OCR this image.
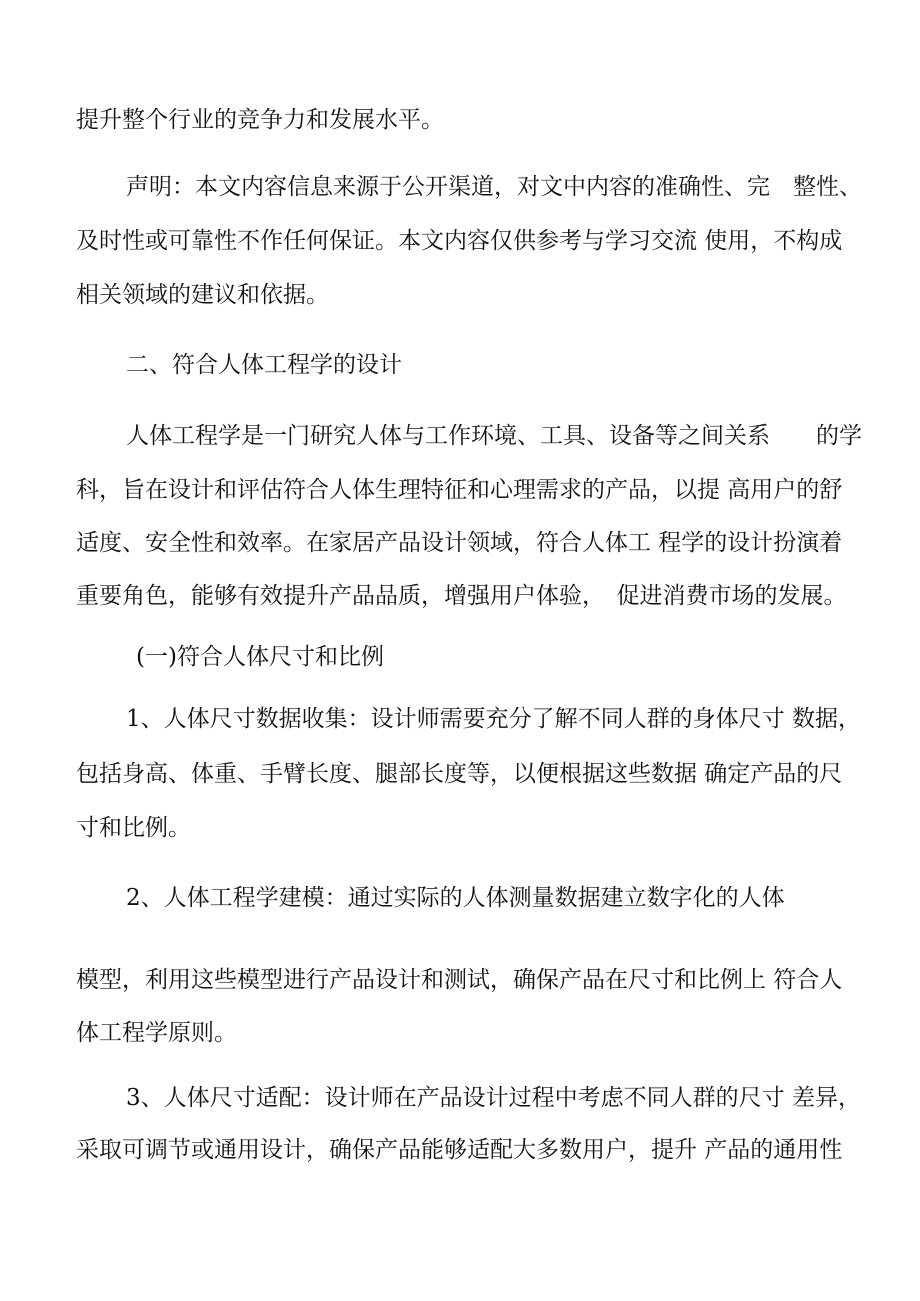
提升整个行业的竞争力和发展水平。
声明：本文内容信息来源于公开渠道，对文中内容的准确性、完　整性、
及时性或可靠性不作任何保证。本文内容仅供参考与学习交流 使用，不构成
相关领域的建议和依据。
二、符合人体工程学的设计
人体工程学是一门研究人体与工作环境、工具、设备等之间关系　　的学
科，旨在设计和评估符合人体生理特征和心理需求的产品，以提 高用户的舒
适度、安全性和效率。在家居产品设计领域，符合人体工 程学的设计扮演着
重要角色，能够有效提升产品品质，增强用户体验，　促进消费市场的发展。
(一)符合人体尺寸和比例
1、人体尺寸数据收集：设计师需要充分了解不同人群的身体尺寸 数据，
包括身高、体重、手臂长度、腿部长度等，以便根据这些数据 确定产品的尺
寸和比例。
2、人体工程学建模：通过实际的人体测量数据建立数字化的人体
模型，利用这些模型进行产品设计和测试，确保产品在尺寸和比例上 符合人
体工程学原则。
3、人体尺寸适配：设计师在产品设计过程中考虑不同人群的尺寸 差异，
采取可调节或通用设计，确保产品能够适配大多数用户，提升 产品的通用性
